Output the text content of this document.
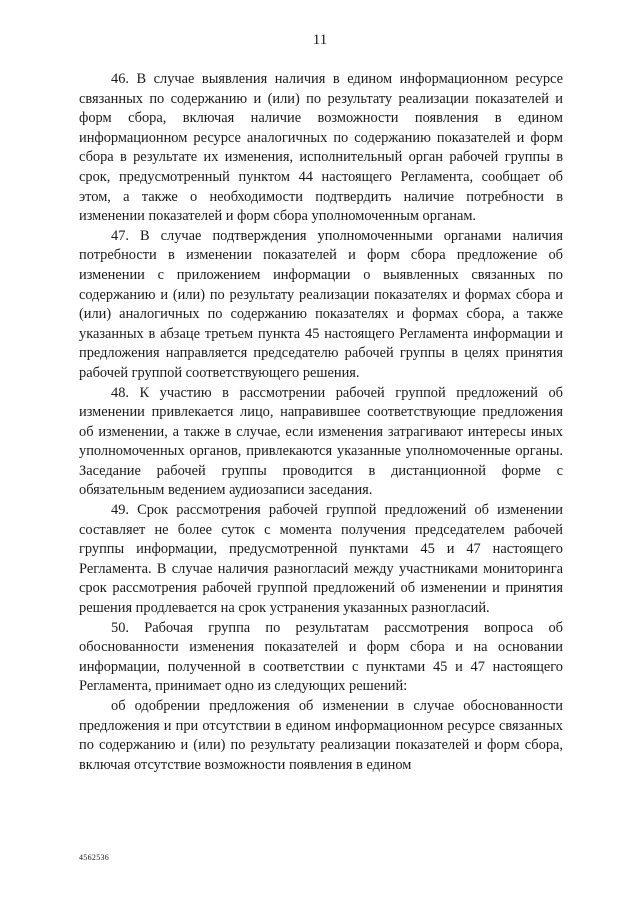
11

46. В случае выявления наличия в едином информационном ресурсе связанных по содержанию и (или) по результату реализации показателей и форм сбора, включая наличие возможности появления в едином информационном ресурсе аналогичных по содержанию показателей и форм сбора в результате их изменения, исполнительный орган рабочей группы в срок, предусмотренный пунктом 44 настоящего Регламента, сообщает об этом, а также о необходимости подтвердить наличие потребности в изменении показателей и форм сбора уполномоченным органам.

47. В случае подтверждения уполномоченными органами наличия потребности в изменении показателей и форм сбора предложение об изменении с приложением информации о выявленных связанных по содержанию и (или) по результату реализации показателях и формах сбора и (или) аналогичных по содержанию показателях и формах сбора, а также указанных в абзаце третьем пункта 45 настоящего Регламента информации и предложения направляется председателю рабочей группы в целях принятия рабочей группой соответствующего решения.

48. К участию в рассмотрении рабочей группой предложений об изменении привлекается лицо, направившее соответствующие предложения об изменении, а также в случае, если изменения затрагивают интересы иных уполномоченных органов, привлекаются указанные уполномоченные органы. Заседание рабочей группы проводится в дистанционной форме с обязательным ведением аудиозаписи заседания.

49. Срок рассмотрения рабочей группой предложений об изменении составляет не более суток с момента получения председателем рабочей группы информации, предусмотренной пунктами 45 и 47 настоящего Регламента. В случае наличия разногласий между участниками мониторинга срок рассмотрения рабочей группой предложений об изменении и принятия решения продлевается на срок устранения указанных разногласий.

50. Рабочая группа по результатам рассмотрения вопроса об обоснованности изменения показателей и форм сбора и на основании информации, полученной в соответствии с пунктами 45 и 47 настоящего Регламента, принимает одно из следующих решений:

об одобрении предложения об изменении в случае обоснованности предложения и при отсутствии в едином информационном ресурсе связанных по содержанию и (или) по результату реализации показателей и форм сбора, включая отсутствие возможности появления в едином

4562536
